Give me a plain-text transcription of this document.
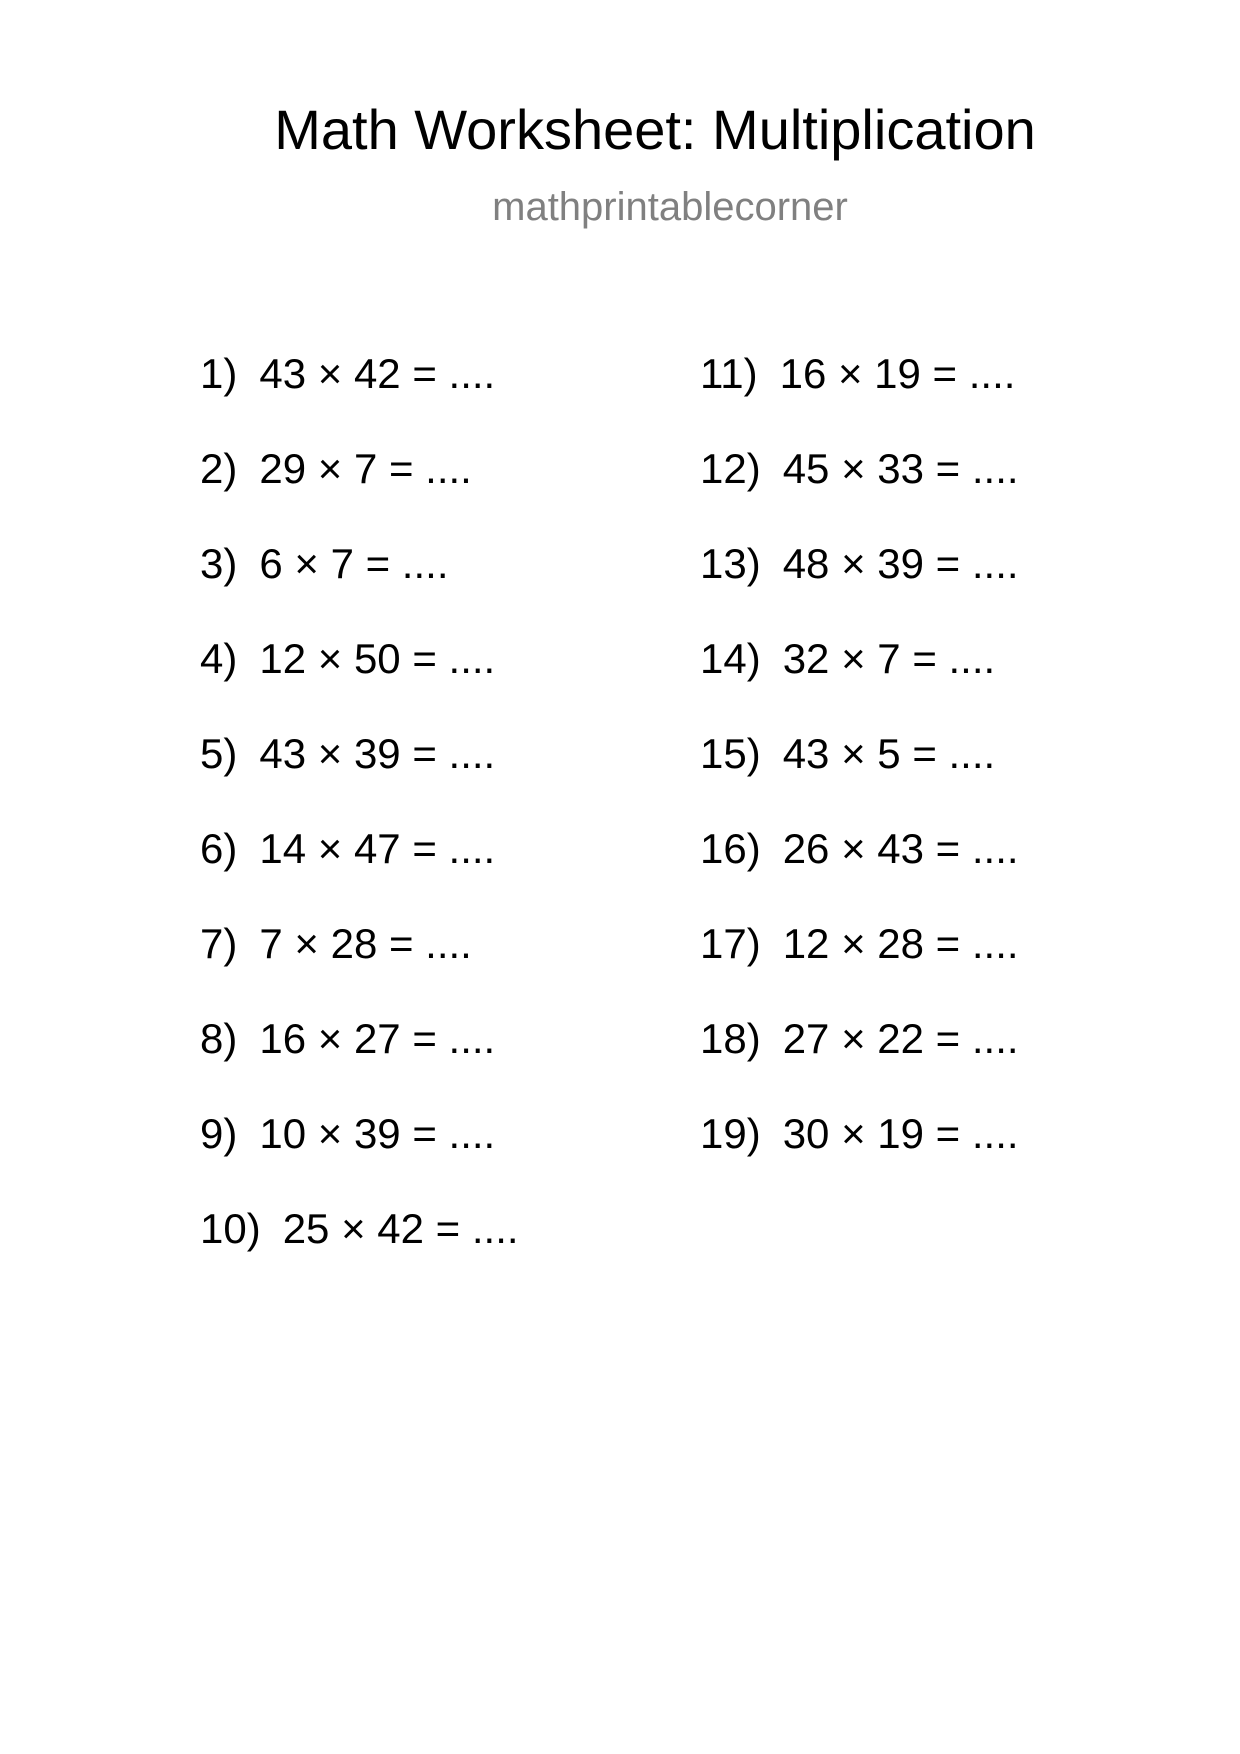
Math Worksheet: Multiplication
mathprintablecorner
1) 43 × 42 = ....
2) 29 × 7 = ....
3) 6 × 7 = ....
4) 12 × 50 = ....
5) 43 × 39 = ....
6) 14 × 47 = ....
7) 7 × 28 = ....
8) 16 × 27 = ....
9) 10 × 39 = ....
10) 25 × 42 = ....
11) 16 × 19 = ....
12) 45 × 33 = ....
13) 48 × 39 = ....
14) 32 × 7 = ....
15) 43 × 5 = ....
16) 26 × 43 = ....
17) 12 × 28 = ....
18) 27 × 22 = ....
19) 30 × 19 = ....
